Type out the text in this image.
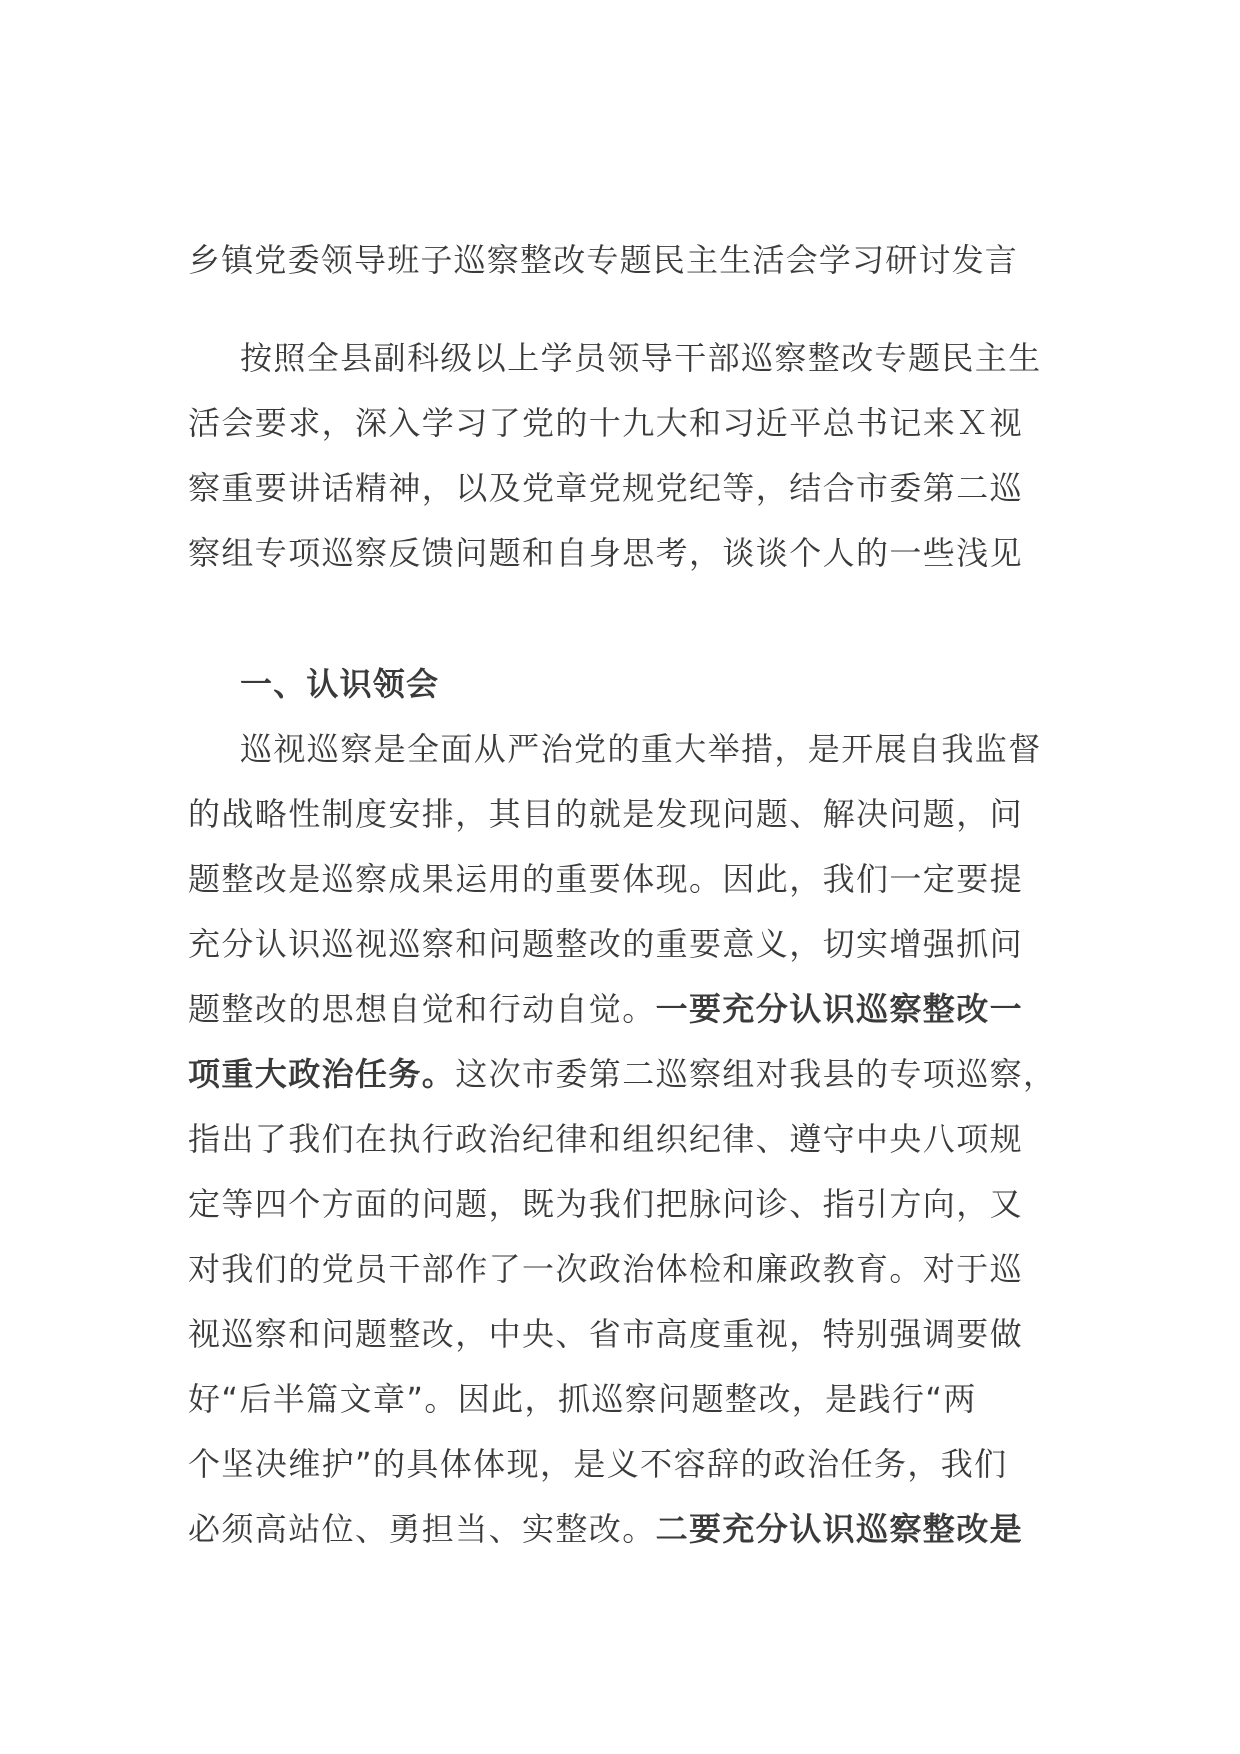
乡镇党委领导班子巡察整改专题民主生活会学习研讨发言
按照全县副科级以上学员领导干部巡察整改专题民主生
活会要求，深入学习了党的十九大和习近平总书记来Ｘ视
察重要讲话精神，以及党章党规党纪等，结合市委第二巡
察组专项巡察反馈问题和自身思考，谈谈个人的一些浅见
一、认识领会
巡视巡察是全面从严治党的重大举措，是开展自我监督
的战略性制度安排，其目的就是发现问题、解决问题，问
题整改是巡察成果运用的重要体现。因此，我们一定要提
充分认识巡视巡察和问题整改的重要意义，切实增强抓问
题整改的思想自觉和行动自觉。一要充分认识巡察整改一
项重大政治任务。这次市委第二巡察组对我县的专项巡察，
指出了我们在执行政治纪律和组织纪律、遵守中央八项规
定等四个方面的问题，既为我们把脉问诊、指引方向，又
对我们的党员干部作了一次政治体检和廉政教育。对于巡
视巡察和问题整改，中央、省市高度重视，特别强调要做
好“后半篇文章”。因此，抓巡察问题整改，是践行“两
个坚决维护”的具体体现，是义不容辞的政治任务，我们
必须高站位、勇担当、实整改。二要充分认识巡察整改是
